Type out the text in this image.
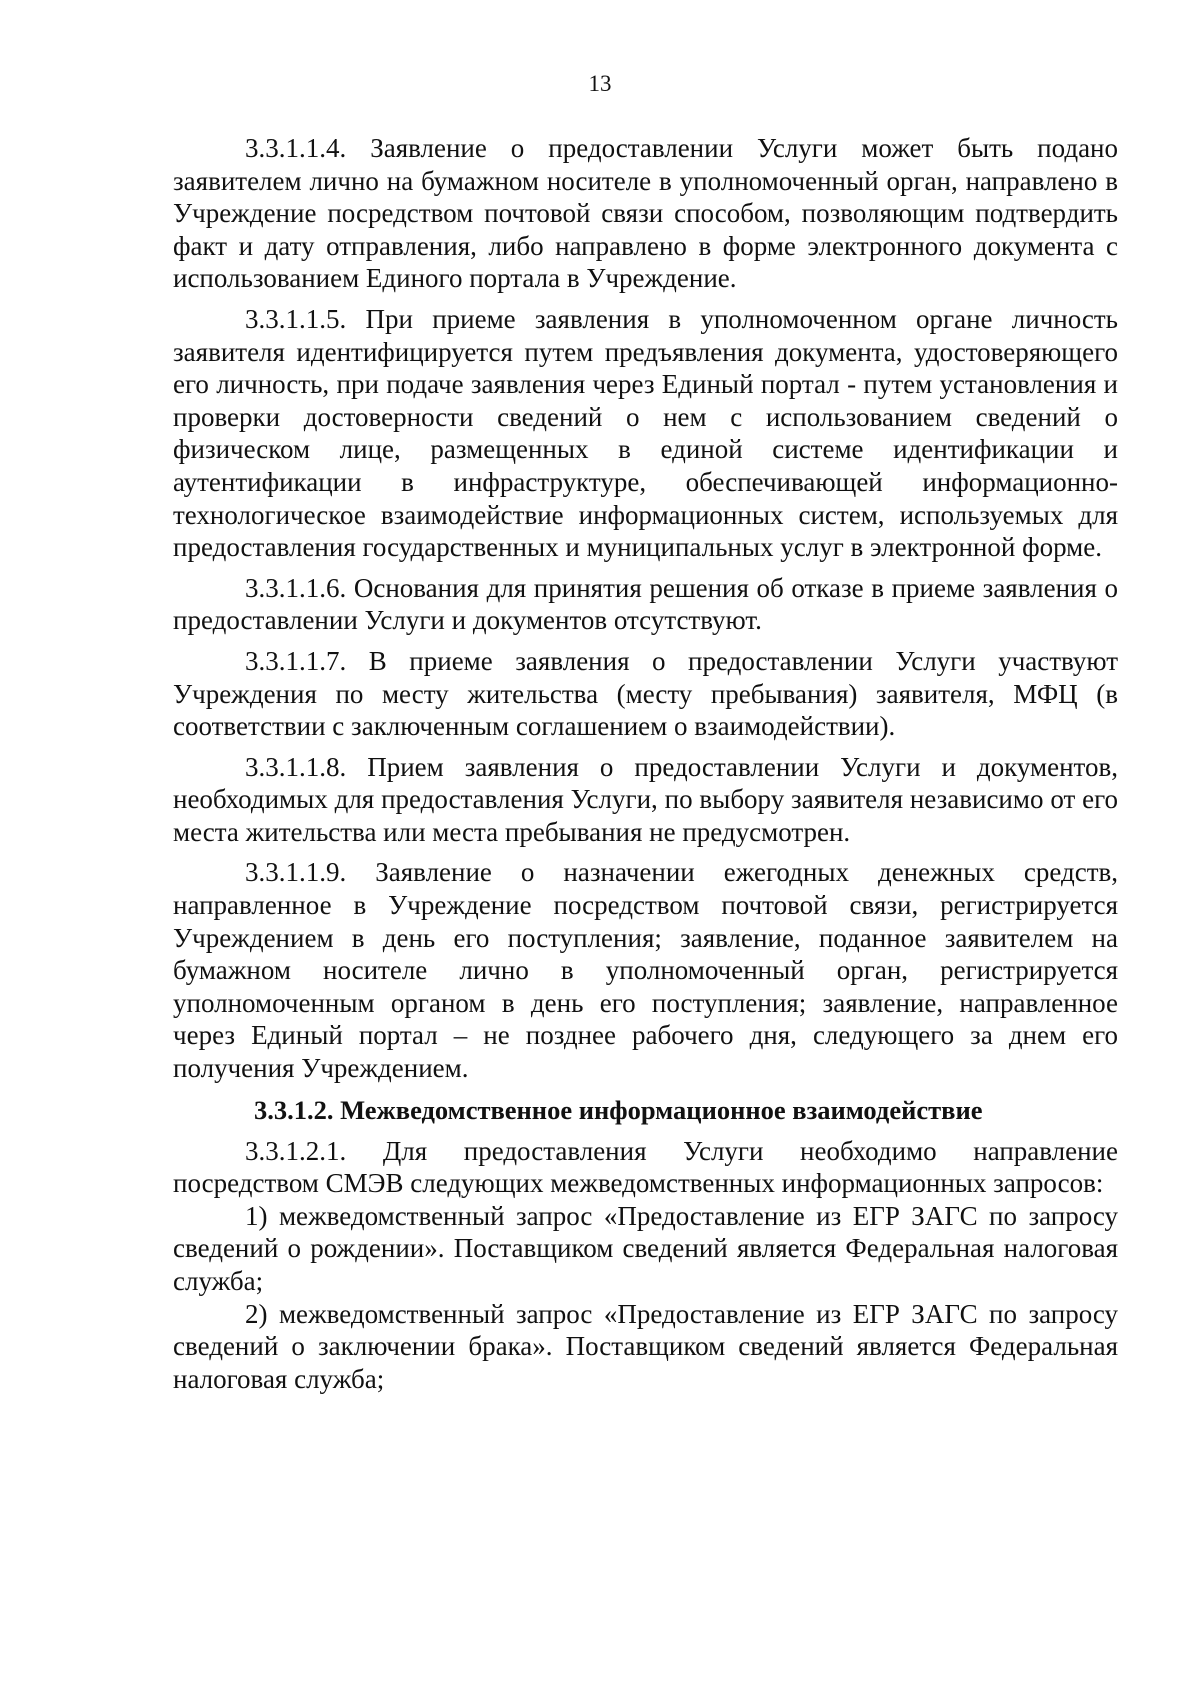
13

3.3.1.1.4. Заявление о предоставлении Услуги может быть подано заявителем лично на бумажном носителе в уполномоченный орган, направлено в Учреждение посредством почтовой связи способом, позволяющим подтвердить факт и дату отправления, либо направлено в форме электронного документа с использованием Единого портала в Учреждение.

3.3.1.1.5. При приеме заявления в уполномоченном органе личность заявителя идентифицируется путем предъявления документа, удостоверяющего его личность, при подаче заявления через Единый портал - путем установления и проверки достоверности сведений о нем с использованием сведений о физическом лице, размещенных в единой системе идентификации и аутентификации в инфраструктуре, обеспечивающей информационно-технологическое взаимодействие информационных систем, используемых для предоставления государственных и муниципальных услуг в электронной форме.

3.3.1.1.6. Основания для принятия решения об отказе в приеме заявления о предоставлении Услуги и документов отсутствуют.

3.3.1.1.7. В приеме заявления о предоставлении Услуги участвуют Учреждения по месту жительства (месту пребывания) заявителя, МФЦ (в соответствии с заключенным соглашением о взаимодействии).

3.3.1.1.8. Прием заявления о предоставлении Услуги и документов, необходимых для предоставления Услуги, по выбору заявителя независимо от его места жительства или места пребывания не предусмотрен.

3.3.1.1.9. Заявление о назначении ежегодных денежных средств, направленное в Учреждение посредством почтовой связи, регистрируется Учреждением в день его поступления; заявление, поданное заявителем на бумажном носителе лично в уполномоченный орган, регистрируется уполномоченным органом в день его поступления; заявление, направленное через Единый портал – не позднее рабочего дня, следующего за днем его получения Учреждением.

3.3.1.2. Межведомственное информационное взаимодействие

3.3.1.2.1. Для предоставления Услуги необходимо направление посредством СМЭВ следующих межведомственных информационных запросов:

1) межведомственный запрос «Предоставление из ЕГР ЗАГС по запросу сведений о рождении». Поставщиком сведений является Федеральная налоговая служба;

2) межведомственный запрос «Предоставление из ЕГР ЗАГС по запросу сведений о заключении брака». Поставщиком сведений является Федеральная налоговая служба;
